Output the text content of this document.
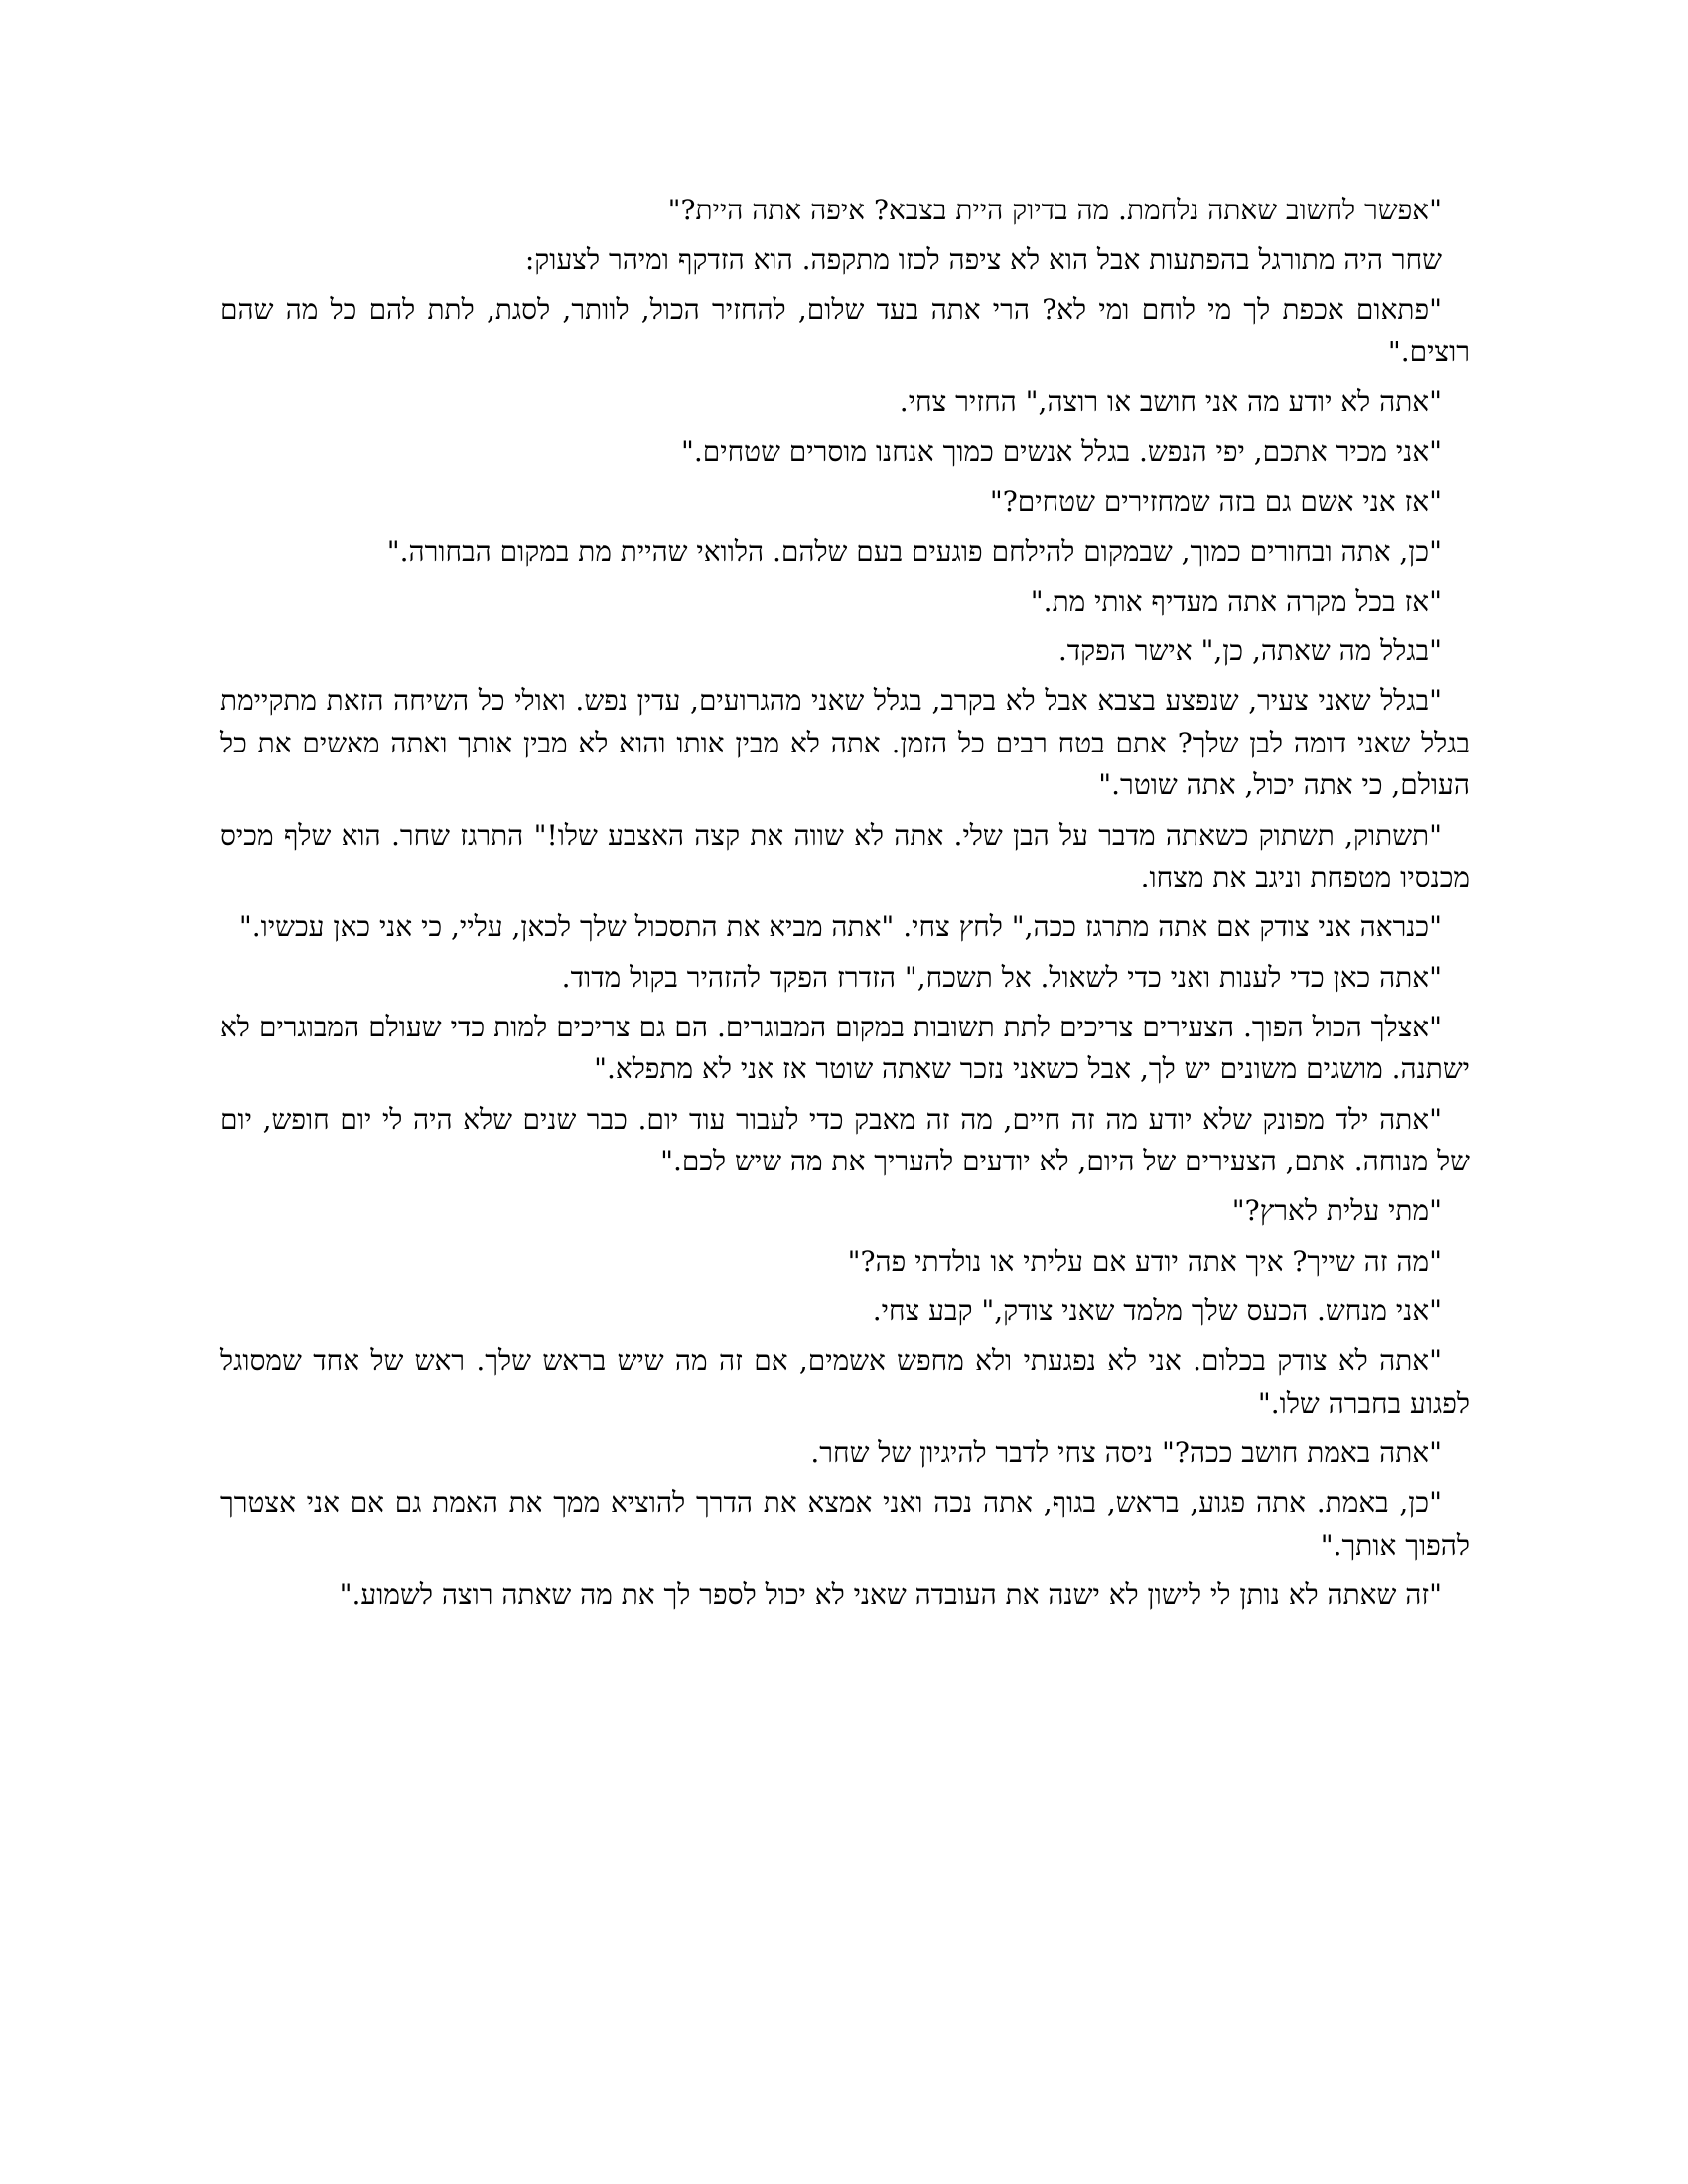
"אפשר לחשוב שאתה נלחמת. מה בדיוק היית בצבא? איפה אתה היית?"

שחר היה מתורגל בהפתעות אבל הוא לא ציפה לכזו מתקפה. הוא הזדקף ומיהר לצעוק:

"פתאום אכפת לך מי לוחם ומי לא? הרי אתה בעד שלום, להחזיר הכול, לוותר, לסגת, לתת להם כל מה שהם רוצים."

"אתה לא יודע מה אני חושב או רוצה," החזיר צחי.

"אני מכיר אתכם, יפי הנפש. בגלל אנשים כמוך אנחנו מוסרים שטחים."

"אז אני אשם גם בזה שמחזירים שטחים?"

"כן, אתה ובחורים כמוך, שבמקום להילחם פוגעים בעם שלהם. הלוואי שהיית מת במקום הבחורה."

"אז בכל מקרה אתה מעדיף אותי מת."

"בגלל מה שאתה, כן," אישר הפקד.

"בגלל שאני צעיר, שנפצע בצבא אבל לא בקרב, בגלל שאני מהגרועים, עדין נפש. ואולי כל השיחה הזאת מתקיימת בגלל שאני דומה לבן שלך? אתם בטח רבים כל הזמן. אתה לא מבין אותו והוא לא מבין אותך ואתה מאשים את כל העולם, כי אתה יכול, אתה שוטר."

"תשתוק, תשתוק כשאתה מדבר על הבן שלי. אתה לא שווה את קצה האצבע שלו!" התרגז שחר. הוא שלף מכיס מכנסיו מטפחת וניגב את מצחו.

"כנראה אני צודק אם אתה מתרגז ככה," לחץ צחי. "אתה מביא את התסכול שלך לכאן, עליי, כי אני כאן עכשיו."

"אתה כאן כדי לענות ואני כדי לשאול. אל תשכח," הזדרז הפקד להזהיר בקול מדוד.

"אצלך הכול הפוך. הצעירים צריכים לתת תשובות במקום המבוגרים. הם גם צריכים למות כדי שעולם המבוגרים לא ישתנה. מושגים משונים יש לך, אבל כשאני נזכר שאתה שוטר אז אני לא מתפלא."

"אתה ילד מפונק שלא יודע מה זה חיים, מה זה מאבק כדי לעבור עוד יום. כבר שנים שלא היה לי יום חופש, יום של מנוחה. אתם, הצעירים של היום, לא יודעים להעריך את מה שיש לכם."

"מתי עלית לארץ?"

"מה זה שייך? איך אתה יודע אם עליתי או נולדתי פה?"

"אני מנחש. הכעס שלך מלמד שאני צודק," קבע צחי.

"אתה לא צודק בכלום. אני לא נפגעתי ולא מחפש אשמים, אם זה מה שיש בראש שלך. ראש של אחד שמסוגל לפגוע בחברה שלו."

"אתה באמת חושב ככה?" ניסה צחי לדבר להיגיון של שחר.

"כן, באמת. אתה פגוע, בראש, בגוף, אתה נכה ואני אמצא את הדרך להוציא ממך את האמת גם אם אני אצטרך להפוך אותך."

"זה שאתה לא נותן לי לישון לא ישנה את העובדה שאני לא יכול לספר לך את מה שאתה רוצה לשמוע."
